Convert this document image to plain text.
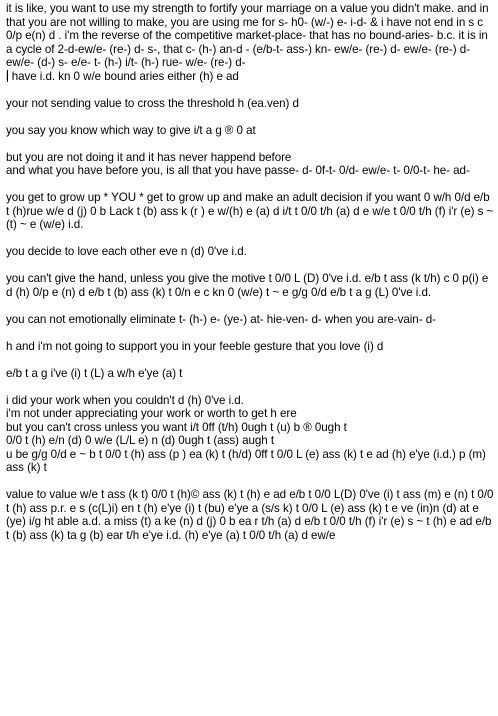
it is like, you want to use my strength to fortify your marriage on a value you didn't make. and in that you are not willing to make, you are using me for s- h0- (w/-) e- i-d- & i have not end in s c 0/p e(n) d . i'm the reverse of the competitive market-place- that has no bound-aries- b.c. it is in a cycle of 2-d-ew/e- (re-) d- s-, that c- (h-) an-d - (e/b-t- ass-) kn- ew/e- (re-) d- ew/e- (re-) d- ew/e- (d-) s- e/e- t- (h-) i/t- (h-) rue- w/e- (re-) d-

i have i.d. kn 0 w/e bound aries either (h) e ad

your not sending value to cross the threshold h (ea.ven) d

you say you know which way to give i/t a g ® 0 at

but you are not doing it and it has never happend before

and what you have before you, is all that you have passe- d- 0f-t- 0/d- ew/e- t- 0/0-t- he- ad-

you get to grow up * YOU * get to grow up and make an adult decision if you want 0 w/h 0/d e/b t (h)rue w/e d (j) 0 b Lack t (b) ass k (r ) e w/(h) e (a) d i/t t 0/0 t/h (a) d e w/e t 0/0 t/h (f) i'r (e) s ~ (t) ~ e (w/e) i.d.

you decide to love each other eve n (d) 0've i.d.

you can't give the hand, unless you give the motive t 0/0 L (D) 0've i.d. e/b t ass (k t/h) c 0 p(i) e d (h) 0/p e (n) d e/b t (b) ass (k) t 0/n e c kn 0 (w/e) t ~ e g/g 0/d e/b t a g (L) 0've i.d.

you can not emotionally eliminate t- (h-) e- (ye-) at- hie-ven- d- when you are-vain- d-

h and i'm not going to support you in your feeble gesture that you love (i) d

e/b t a g i've (i) t (L) a w/h e'ye (a) t

i did your work when you couldn't d (h) 0've i.d.

i'm not under appreciating your work or worth to get h ere

but you can't cross unless you want i/t 0ff (t/h) 0ugh t (u) b ® 0ugh t

0/0 t (h) e/n (d) 0 w/e (L/L e) n (d) 0ugh t (ass) augh t

u be g/g 0/d e ~ b t 0/0 t (h) ass (p ) ea (k) t (h/d) 0ff t 0/0 L (e) ass (k) t e ad (h) e'ye (i.d.) p (m) ass (k) t

value to value w/e t ass (k t) 0/0 t (h)© ass (k) t (h) e ad e/b t 0/0 L(D) 0've (i) t ass (m) e (n) t 0/0 t (h) ass p.r. e s (c(L)i) en t (h) e'ye (i) t (bu) e'ye a (s/s k) t 0/0 L (e) ass (k) t e ve (in)n (d) at e (ye) i/g ht able a.d. a miss (t) a ke (n) d (j) 0 b ea r t/h (a) d e/b t 0/0 t/h (f) i'r (e) s ~ t (h) e ad e/b t (b) ass (k) ta g (b) ear t/h e'ye i.d. (h) e'ye (a) t 0/0 t/h (a) d ew/e
